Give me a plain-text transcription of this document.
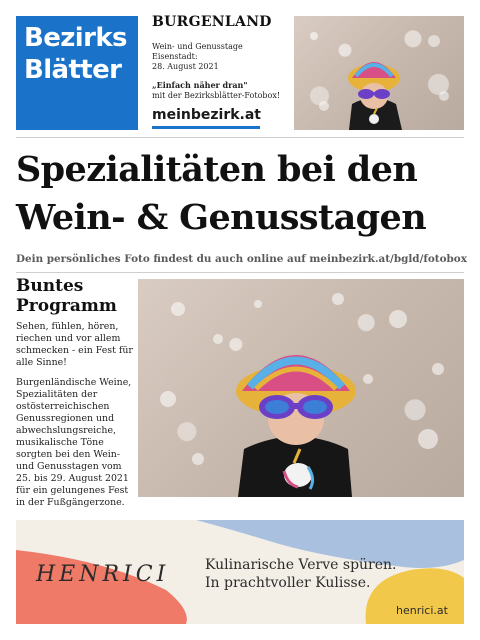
Bezirks
Blätter
BURGENLAND
Wein- und Genusstage
Eisenstadt:
28. August 2021
„Einfach näher dran"
mit der Bezirksblätter-Fotobox!
meinbezirk.at
Spezialitäten bei den Wein- & Genusstagen
Dein persönliches Foto findest du auch online auf meinbezirk.at/bgld/fotobox
Buntes Programm
Sehen, fühlen, hören, riechen und vor allem schmecken - ein Fest für alle Sinne!
Burgenländische Weine, Spezialitäten der ostösterreichischen Genussregionen und abwechslungsreiche, musikalische Töne sorgten bei den Wein- und Genusstagen vom 25. bis 29. August 2021 für ein gelungenes Fest in der Fußgängerzone.
HENRICI	Kulinarische Verve spüren.
In prachtvoller Kulisse.
henrici.at
